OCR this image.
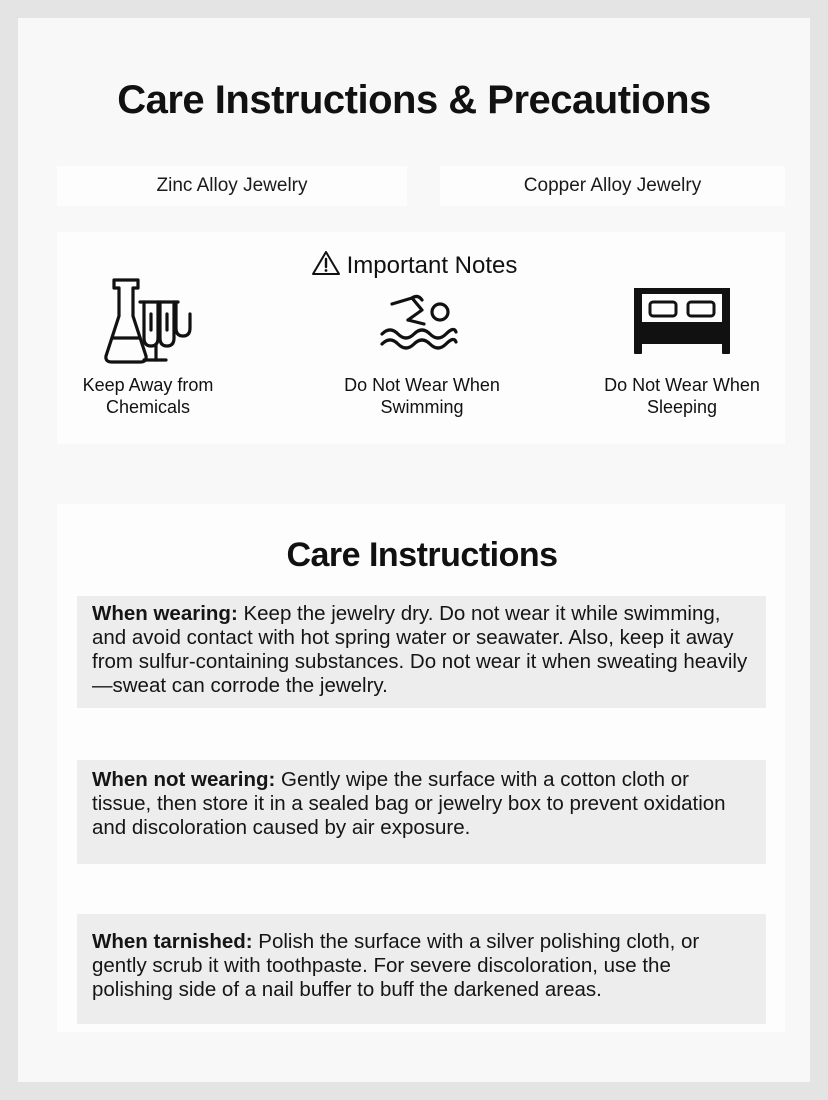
Care Instructions & Precautions
Zinc Alloy Jewelry	Copper Alloy Jewelry
Important Notes
Keep Away from
Chemicals
Do Not Wear When
Swimming
Do Not Wear When
Sleeping
Care Instructions
When wearing: Keep the jewelry dry. Do not wear it while swimming, and avoid contact with hot spring water or seawater. Also, keep it away from sulfur-containing substances. Do not wear it when sweating heavily—sweat can corrode the jewelry.
When not wearing: Gently wipe the surface with a cotton cloth or tissue, then store it in a sealed bag or jewelry box to prevent oxidation and discoloration caused by air exposure.
When tarnished: Polish the surface with a silver polishing cloth, or gently scrub it with toothpaste. For severe discoloration, use the polishing side of a nail buffer to buff the darkened areas.
